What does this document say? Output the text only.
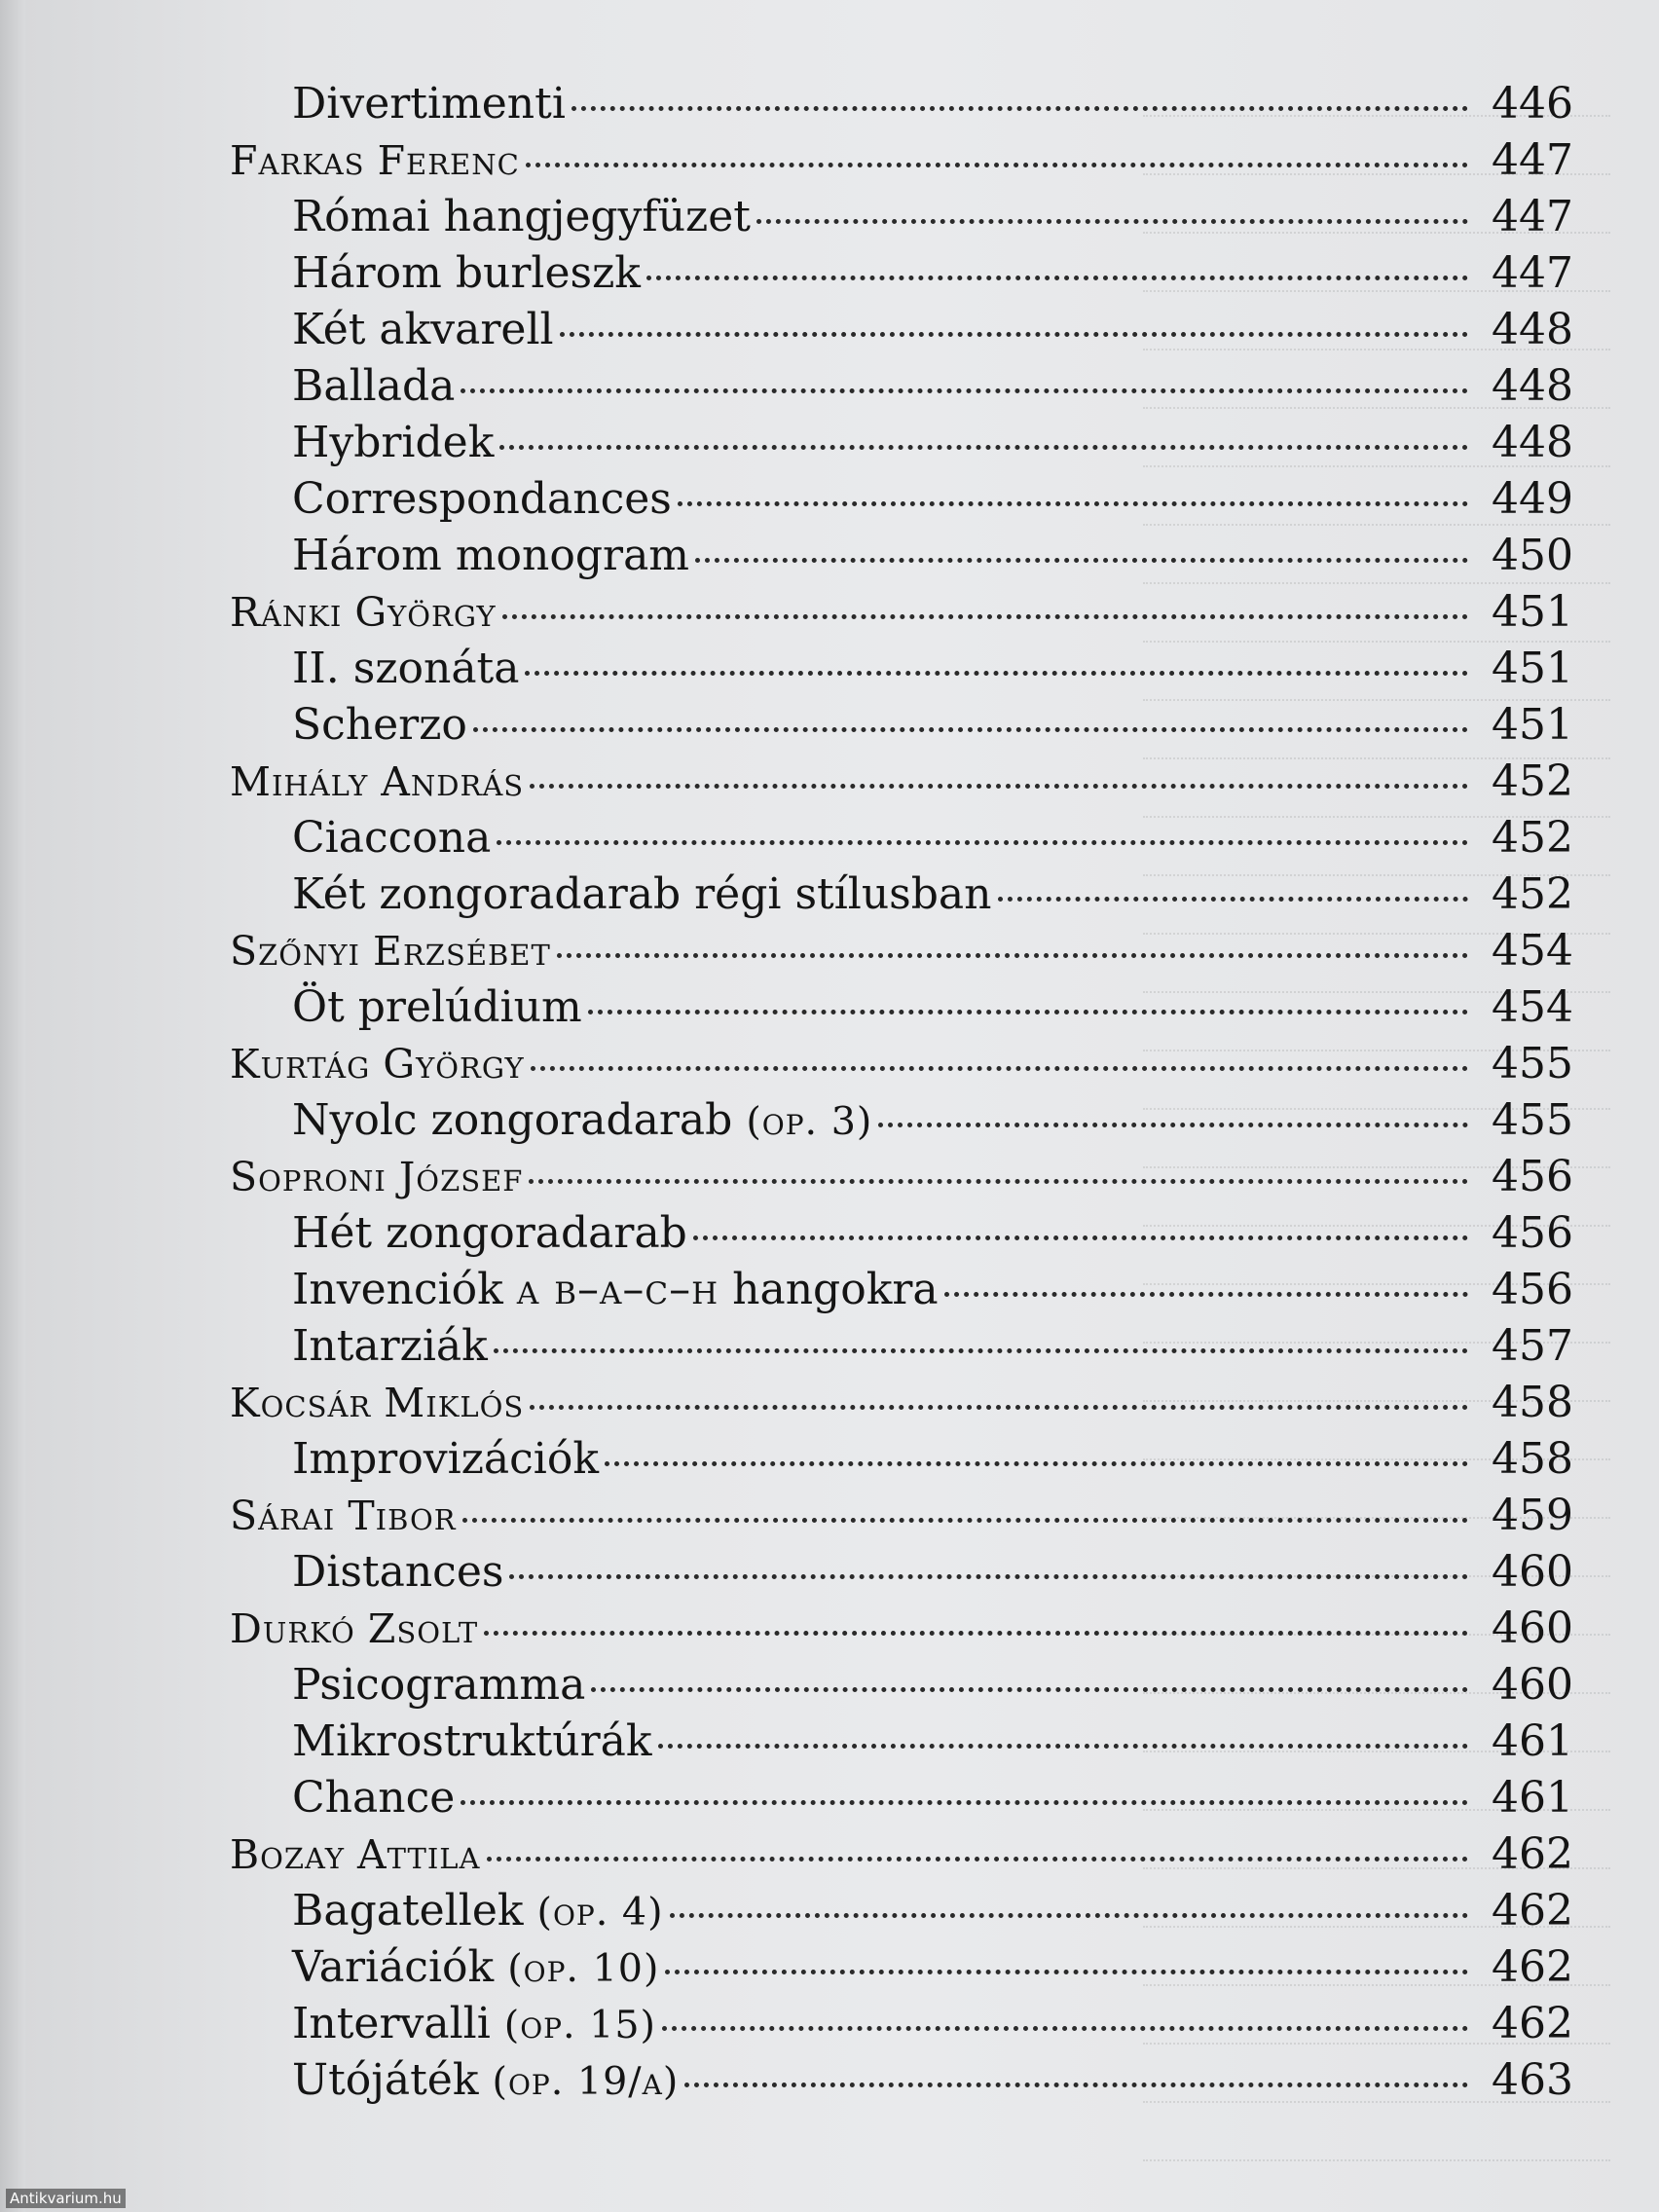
Divertimenti	446
Farkas Ferenc	447
Római hangjegyfüzet	447
Három burleszk	447
Két akvarell	448
Ballada	448
Hybridek	448
Correspondances	449
Három monogram	450
Ránki György	451
II. szonáta	451
Scherzo	451
Mihály András	452
Ciaccona	452
Két zongoradarab régi stílusban	452
Szőnyi Erzsébet	454
Öt prelúdium	454
Kurtág György	455
Nyolc zongoradarab (op. 3)	455
Soproni József	456
Hét zongoradarab	456
Invenciók a b–a–c–h hangokra	456
Intarziák	457
Kocsár Miklós	458
Improvizációk	458
Sárai Tibor	459
Distances	460
Durkó Zsolt	460
Psicogramma	460
Mikrostruktúrák	461
Chance	461
Bozay Attila	462
Bagatellek (op. 4)	462
Variációk (op. 10)	462
Intervalli (op. 15)	462
Utójáték (op. 19/a)	463
Antikvarium.hu
